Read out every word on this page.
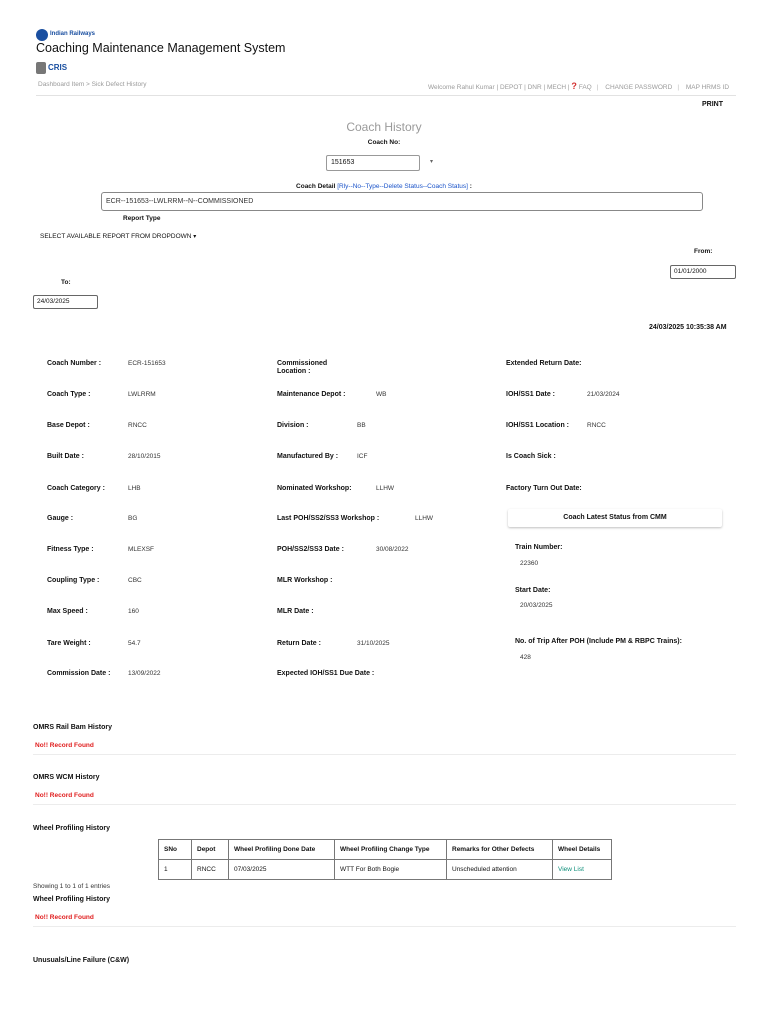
Indian Railways
Coaching Maintenance Management System
CRIS
Dashboard Item > Sick Defect History	Welcome Rahul Kumar | DEPOT | DNR | MECH | ? FAQ | CHANGE PASSWORD | MAP HRMS ID
PRINT
Coach History
Coach No:
151653	▾
Coach Detail [Rly--No--Type--Delete Status--Coach Status] :
ECR--151653--LWLRRM--N--COMMISSIONED
Report Type
SELECT AVAILABLE REPORT FROM DROPDOWN ▾
From:
01/01/2000
To:
24/03/2025
24/03/2025 10:35:38 AM
Coach Number :	ECR-151653
Coach Type :	LWLRRM
Base Depot :	RNCC
Built Date :	28/10/2015
Coach Category :	LHB
Gauge :	BG
Fitness Type :	MLEXSF
Coupling Type :	CBC
Max Speed :	160
Tare Weight :	54.7
Commission Date :	13/09/2022
Commissioned Location :
Maintenance Depot :	WB
Division :	BB
Manufactured By :	ICF
Nominated Workshop:	LLHW
Last POH/SS2/SS3 Workshop :	LLHW
POH/SS2/SS3 Date :	30/08/2022
MLR Workshop :
MLR Date :
Return Date :	31/10/2025
Expected IOH/SS1 Due Date :
Extended Return Date:
IOH/SS1 Date :	21/03/2024
IOH/SS1 Location :	RNCC
Is Coach Sick :
Factory Turn Out Date:
Coach Latest Status from CMM
Train Number:
22360
Start Date:
20/03/2025
No. of Trip After POH (Include PM & RBPC Trains):
428
OMRS Rail Bam History
No!! Record Found
OMRS WCM History
No!! Record Found
Wheel Profiling History
SNo	Depot	Wheel Profiling Done Date	Wheel Profiling Change Type	Remarks for Other Defects	Wheel Details
1	RNCC	07/03/2025	WTT For Both Bogie	Unscheduled attention	View List
Showing 1 to 1 of 1 entries
Wheel Profiling History
No!! Record Found
Unusuals/Line Failure (C&W)
